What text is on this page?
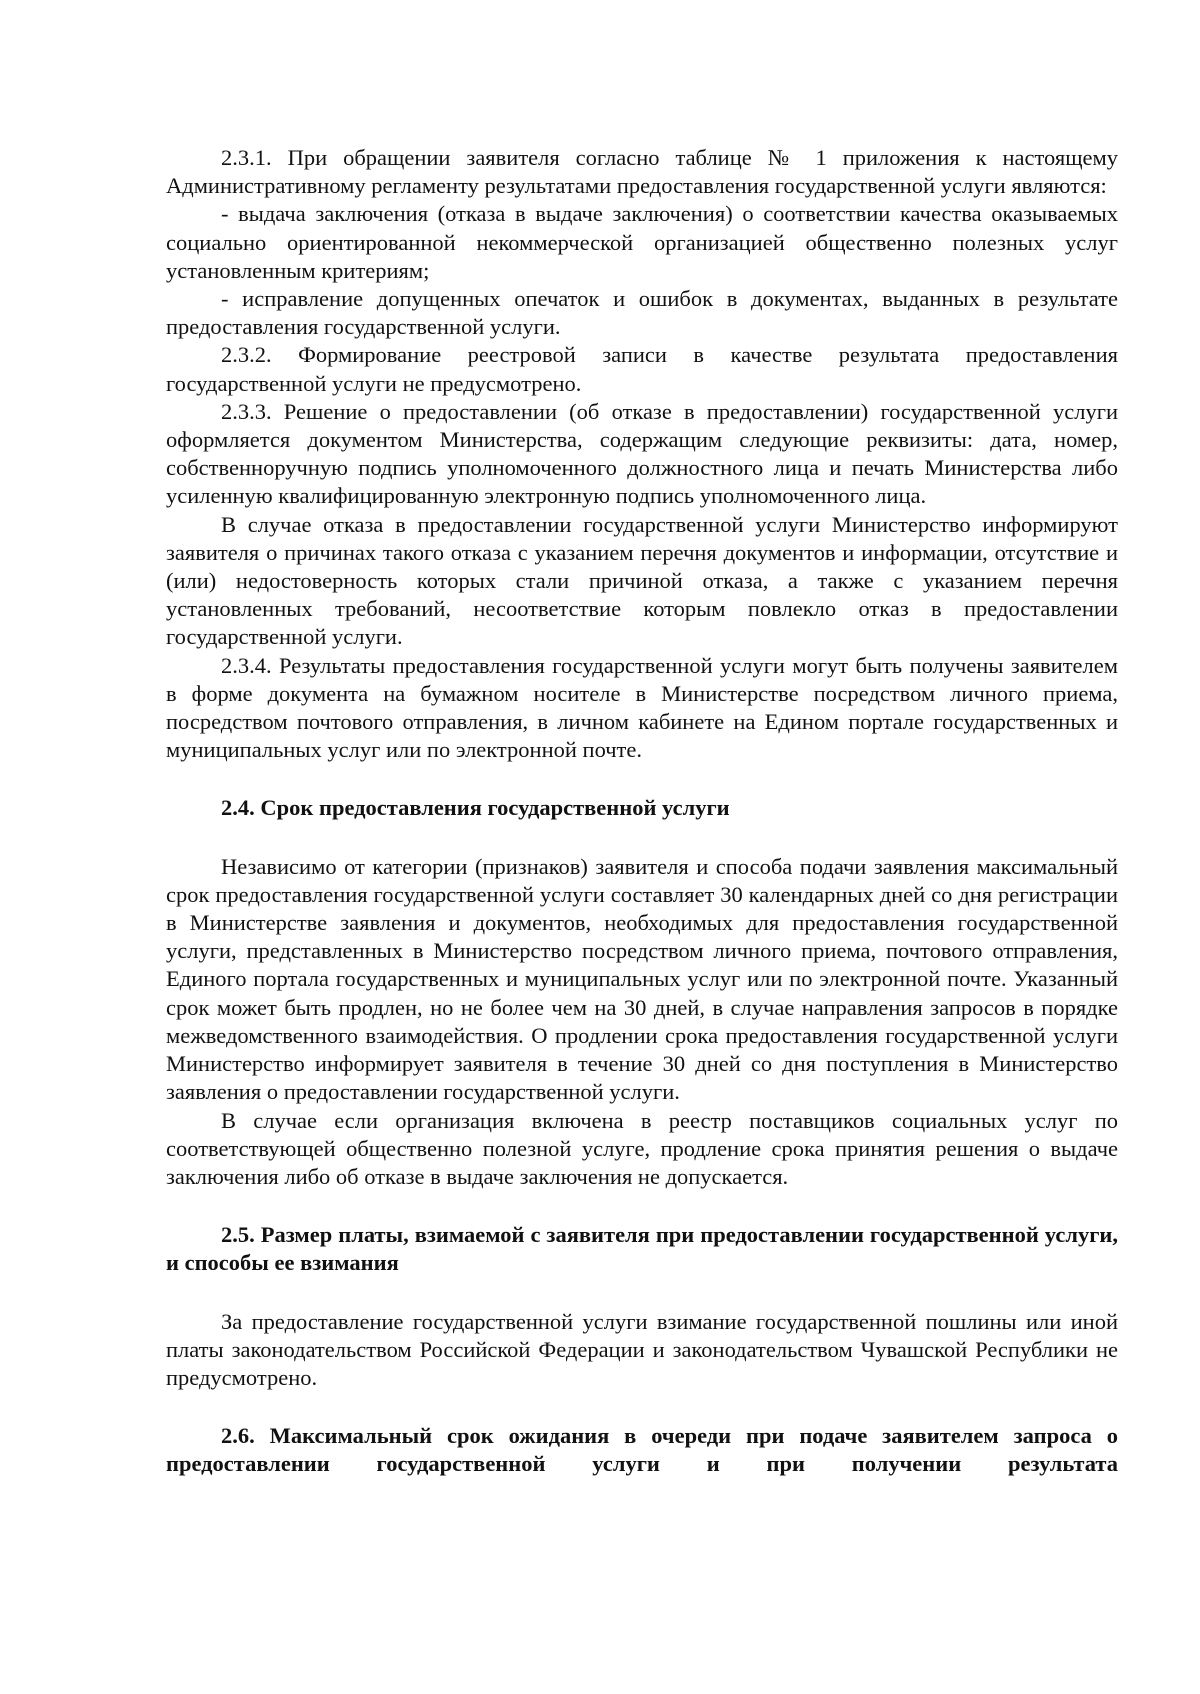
2.3.1. При обращении заявителя согласно таблице № 1 приложения к настоящему Административному регламенту результатами предоставления государственной услуги являются:

- выдача заключения (отказа в выдаче заключения) о соответствии качества оказываемых социально ориентированной некоммерческой организацией общественно полезных услуг установленным критериям;

- исправление допущенных опечаток и ошибок в документах, выданных в результате предоставления государственной услуги.

2.3.2. Формирование реестровой записи в качестве результата предоставления государственной услуги не предусмотрено.

2.3.3. Решение о предоставлении (об отказе в предоставлении) государственной услуги оформляется документом Министерства, содержащим следующие реквизиты: дата, номер, собственноручную подпись уполномоченного должностного лица и печать Министерства либо усиленную квалифицированную электронную подпись уполномоченного лица.

В случае отказа в предоставлении государственной услуги Министерство информируют заявителя о причинах такого отказа с указанием перечня документов и информации, отсутствие и (или) недостоверность которых стали причиной отказа, а также с указанием перечня установленных требований, несоответствие которым повлекло отказ в предоставлении государственной услуги.

2.3.4. Результаты предоставления государственной услуги могут быть получены заявителем в форме документа на бумажном носителе в Министерстве посредством личного приема, посредством почтового отправления, в личном кабинете на Едином портале государственных и муниципальных услуг или по электронной почте.

2.4. Срок предоставления государственной услуги

Независимо от категории (признаков) заявителя и способа подачи заявления максимальный срок предоставления государственной услуги составляет 30 календарных дней со дня регистрации в Министерстве заявления и документов, необходимых для предоставления государственной услуги, представленных в Министерство посредством личного приема, почтового отправления, Единого портала государственных и муниципальных услуг или по электронной почте. Указанный срок может быть продлен, но не более чем на 30 дней, в случае направления запросов в порядке межведомственного взаимодействия. О продлении срока предоставления государственной услуги Министерство информирует заявителя в течение 30 дней со дня поступления в Министерство заявления о предоставлении государственной услуги.

В случае если организация включена в реестр поставщиков социальных услуг по соответствующей общественно полезной услуге, продление срока принятия решения о выдаче заключения либо об отказе в выдаче заключения не допускается.

2.5. Размер платы, взимаемой с заявителя при предоставлении государственной услуги, и способы ее взимания

За предоставление государственной услуги взимание государственной пошлины или иной платы законодательством Российской Федерации и законодательством Чувашской Республики не предусмотрено.

2.6. Максимальный срок ожидания в очереди при подаче заявителем запроса о предоставлении государственной услуги и при получении результата
